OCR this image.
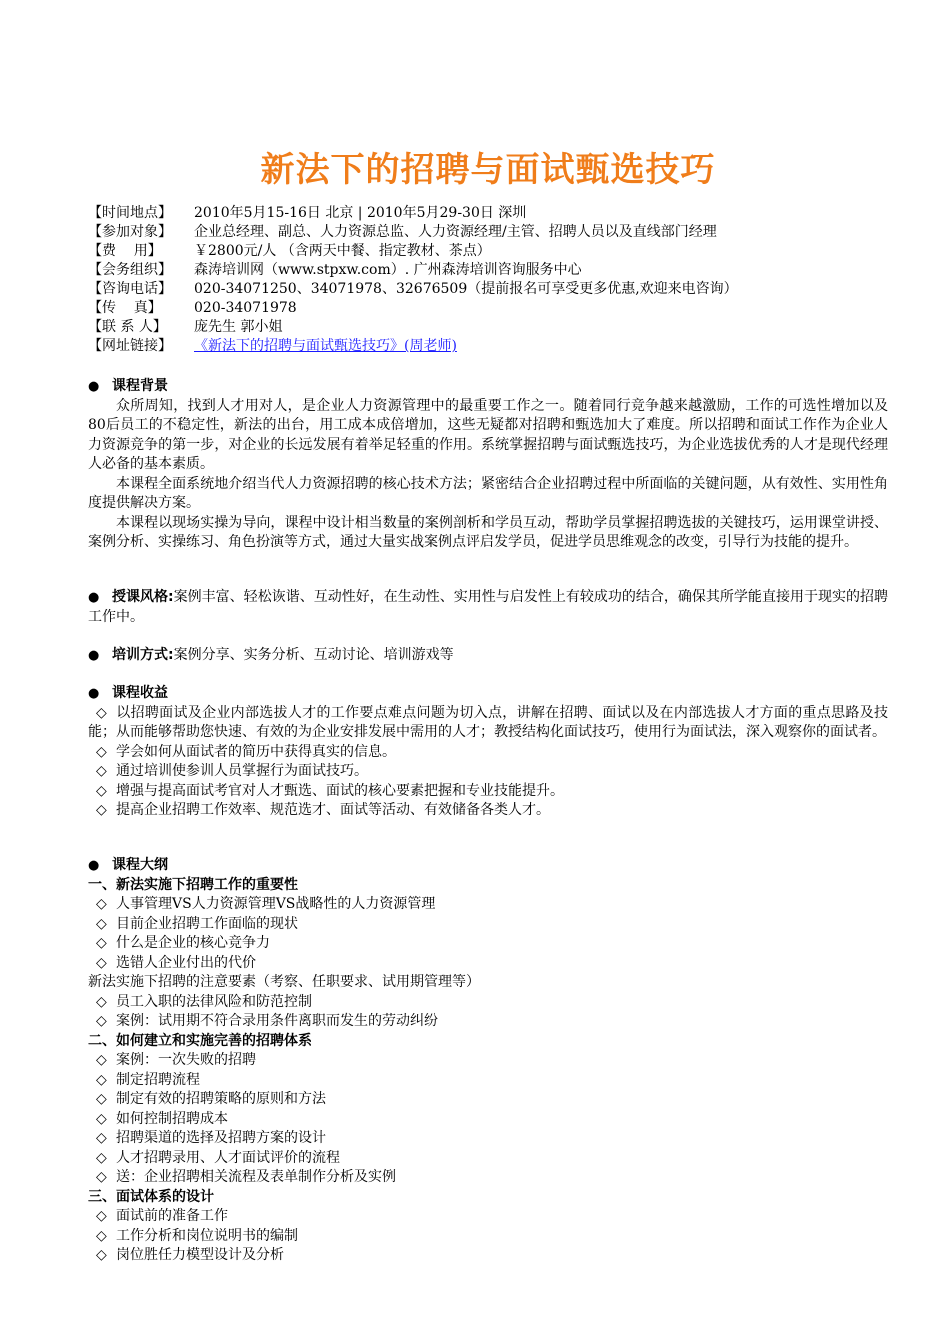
新法下的招聘与面试甄选技巧
【时间地点】 2010年5月15-16日 北京 | 2010年5月29-30日 深圳
【参加对象】 企业总经理、副总、人力资源总监、人力资源经理/主管、招聘人员以及直线部门经理
【费    用】 ￥2800元/人 （含两天中餐、指定教材、茶点）
【会务组织】 森涛培训网（www.stpxw.com）. 广州森涛培训咨询服务中心
【咨询电话】 020-34071250、34071978、32676509（提前报名可享受更多优惠,欢迎来电咨询）
【传    真】 020-34071978
【联 系 人】 庞先生 郭小姐
【网址链接】 《新法下的招聘与面试甄选技巧》(周老师)
● 课程背景

众所周知，找到人才用对人，是企业人力资源管理中的最重要工作之一。随着同行竞争越来越激励，工作的可选性增加以及80后员工的不稳定性，新法的出台，用工成本成倍增加，这些无疑都对招聘和甄选加大了难度。所以招聘和面试工作作为企业人力资源竞争的第一步，对企业的长远发展有着举足轻重的作用。系统掌握招聘与面试甄选技巧，为企业选拔优秀的人才是现代经理人必备的基本素质。

本课程全面系统地介绍当代人力资源招聘的核心技术方法；紧密结合企业招聘过程中所面临的关键问题，从有效性、实用性角度提供解决方案。

本课程以现场实操为导向，课程中设计相当数量的案例剖析和学员互动，帮助学员掌握招聘选拔的关键技巧，运用课堂讲授、案例分析、实操练习、角色扮演等方式，通过大量实战案例点评启发学员，促进学员思维观念的改变，引导行为技能的提升。

● 授课风格:案例丰富、轻松诙谐、互动性好，在生动性、实用性与启发性上有较成功的结合，确保其所学能直接用于现实的招聘工作中。

● 培训方式:案例分享、实务分析、互动讨论、培训游戏等
● 课程收益

◇ 以招聘面试及企业内部选拔人才的工作要点难点问题为切入点，讲解在招聘、面试以及在内部选拔人才方面的重点思路及技能；从而能够帮助您快速、有效的为企业安排发展中需用的人才；教授结构化面试技巧，使用行为面试法，深入观察你的面试者。

◇ 学会如何从面试者的简历中获得真实的信息。
◇ 通过培训使参训人员掌握行为面试技巧。
◇ 增强与提高面试考官对人才甄选、面试的核心要素把握和专业技能提升。
◇ 提高企业招聘工作效率、规范选才、面试等活动、有效储备各类人才。
● 课程大纲
一、新法实施下招聘工作的重要性
◇ 人事管理VS人力资源管理VS战略性的人力资源管理
◇ 目前企业招聘工作面临的现状
◇ 什么是企业的核心竞争力
◇ 选错人企业付出的代价
新法实施下招聘的注意要素（考察、任职要求、试用期管理等）
◇ 员工入职的法律风险和防范控制
◇ 案例：试用期不符合录用条件离职而发生的劳动纠纷
二、如何建立和实施完善的招聘体系
◇ 案例：一次失败的招聘
◇ 制定招聘流程
◇ 制定有效的招聘策略的原则和方法
◇ 如何控制招聘成本
◇ 招聘渠道的选择及招聘方案的设计
◇ 人才招聘录用、人才面试评价的流程
◇ 送：企业招聘相关流程及表单制作分析及实例
三、面试体系的设计
◇ 面试前的准备工作
◇ 工作分析和岗位说明书的编制
◇ 岗位胜任力模型设计及分析
